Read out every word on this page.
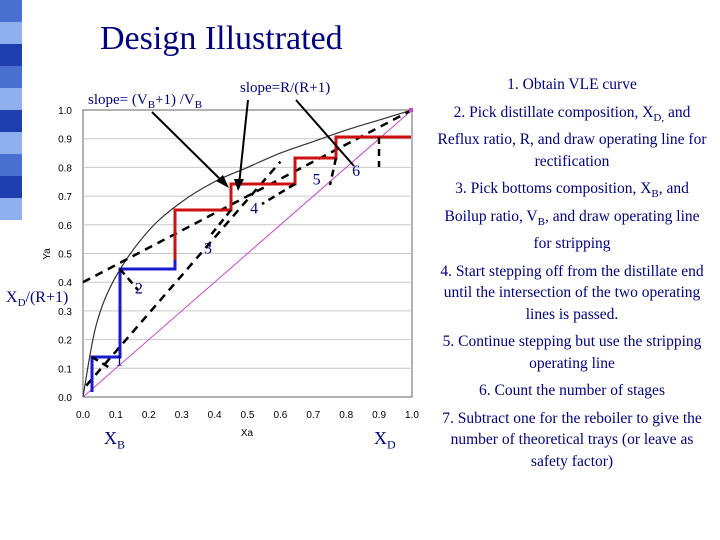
Design Illustrated
0.0
0.0
0.1
0.1
0.2
0.2
0.3
0.3
0.4
0.4
0.5
0.5
0.6
0.6
0.7
0.7
0.8
0.8
0.9
0.9
1.0
1.0
Xa
Ya
1
2
3
4
5
6
slope= $(V_B+1)$ $/V_B$
slope=R/(R+1)
$X_D/(R+1)$
$X_B$	$X_D$

1. Obtain VLE curve

2. Pick distillate composition, $X_{D,}$ and Reflux ratio, R, and draw operating line for rectification

3. Pick bottoms composition, $X_B$, and Boilup ratio, $V_B$, and draw operating line for stripping

4. Start stepping off from the distillate end until the intersection of the two operating lines is passed.

5. Continue stepping but use the stripping operating line

6. Count the number of stages

7. Subtract one for the reboiler to give the number of theoretical trays (or leave as safety factor)
